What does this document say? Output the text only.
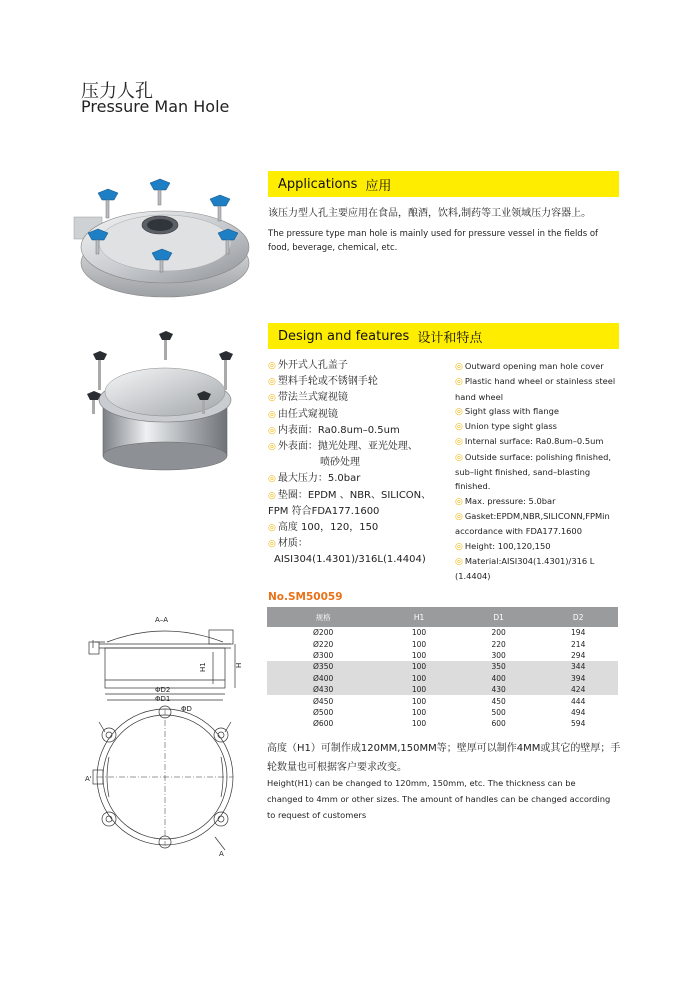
压力人孔
Pressure Man Hole
Applications 应用
该压力型人孔主要应用在食品，酿酒，饮料,制药等工业领域压力容器上。
The pressure type man hole is mainly used for pressure vessel in the fields of food, beverage, chemical, etc.
Design and features 设计和特点
◎ 外开式人孔盖子
◎ 塑料手轮或不锈钢手轮
◎ 带法兰式窥视镜
◎ 由任式窥视镜
◎ 内表面：Ra0.8um–0.5um
◎ 外表面：抛光处理、亚光处理、
喷砂处理
◎ 最大压力：5.0bar
◎ 垫圈：EPDM 、NBR、SILICON、
FPM 符合FDA177.1600
◎ 高度 100，120，150
◎ 材质：
AISI304(1.4301)/316L(1.4404)
◎ Outward opening man hole cover
◎ Plastic hand wheel or stainless steel hand wheel
◎ Sight glass with flange
◎ Union type sight glass
◎ Internal surface: Ra0.8um–0.5um
◎ Outside surface: polishing finished, sub–light finished, sand–blasting finished.
◎ Max. pressure: 5.0bar
◎ Gasket:EPDM,NBR,SILICONN,FPMin accordance with FDA177.1600
◎ Height: 100,120,150
◎ Material:AISI304(1.4301)/316 L (1.4404)
No.SM50059
规格	H1	D1	D2
Ø200	100	200	194
Ø220	100	220	214
Ø300	100	300	294
Ø350	100	350	344
Ø400	100	400	394
Ø430	100	430	424
Ø450	100	450	444
Ø500	100	500	494
Ø600	100	600	594
A–A
H1	H
ΦD2
ΦD1
ΦD
A'
A
高度（H1）可制作成120MM,150MM等；壁厚可以制作4MM或其它的壁厚；手轮数量也可根据客户要求改变。
Height(H1) can be changed to 120mm, 150mm, etc. The thickness can be changed to 4mm or other sizes. The amount of handles can be changed according to request of customers
